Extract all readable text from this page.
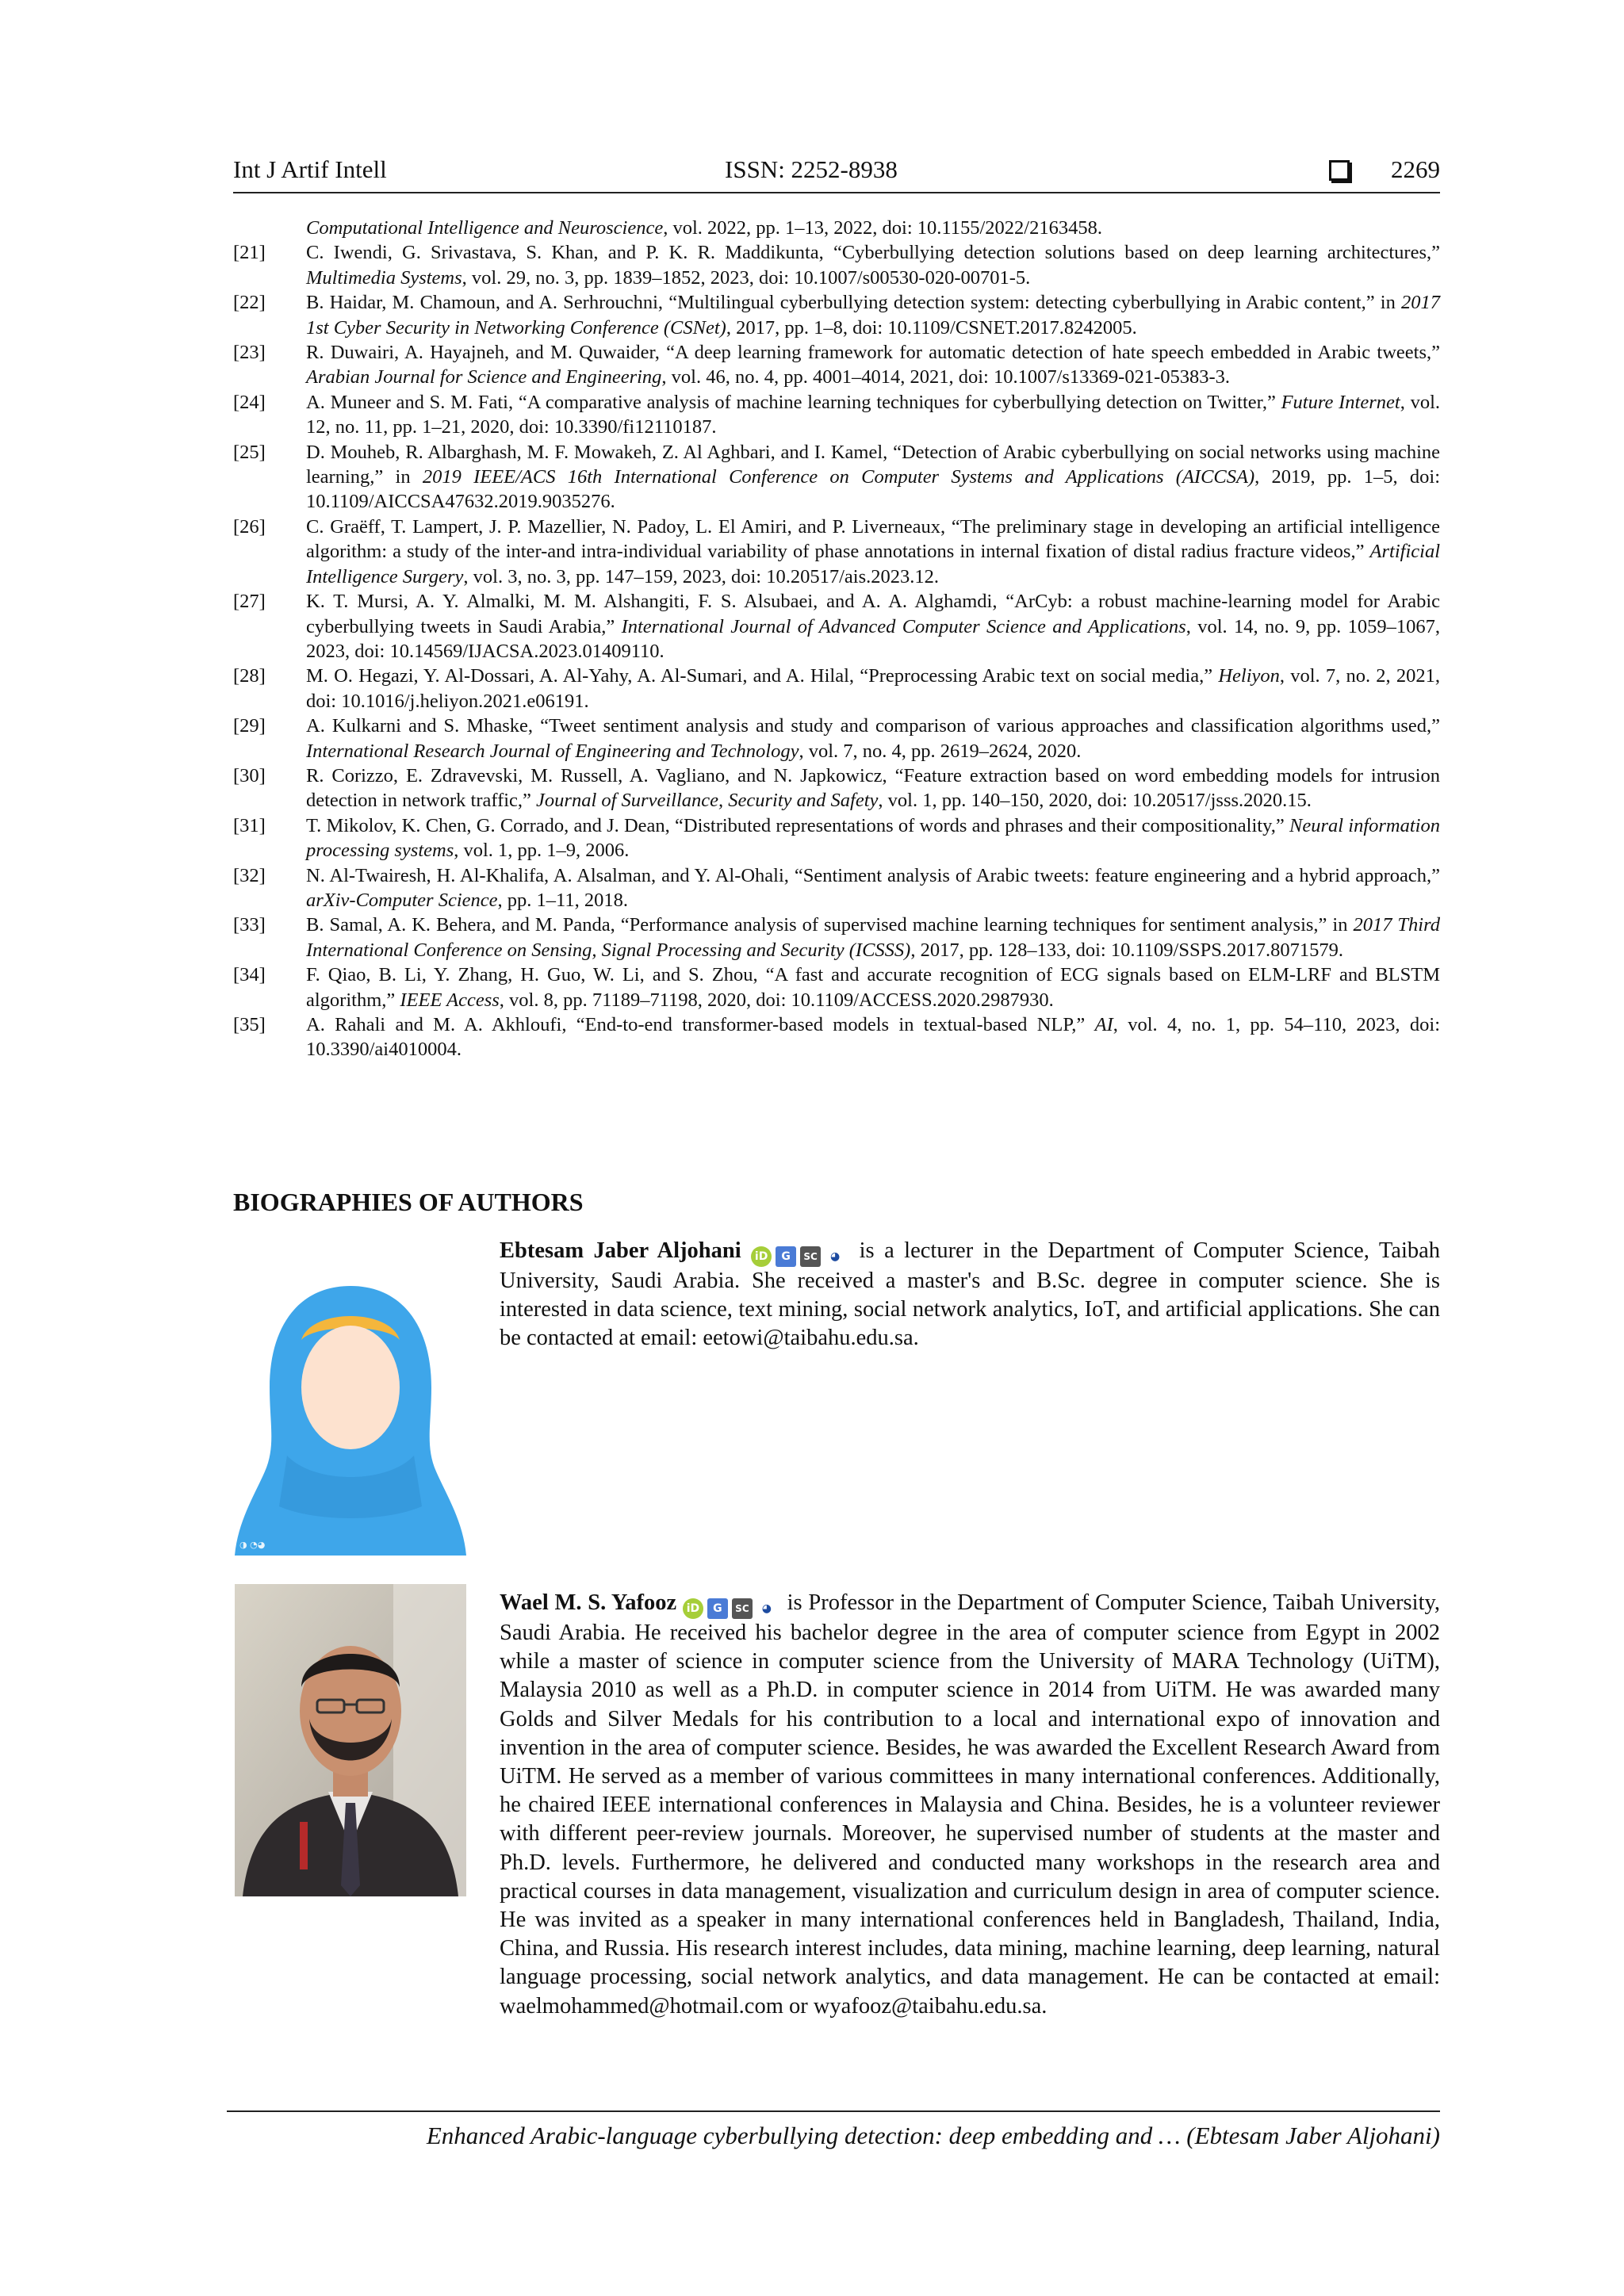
Int J Artif Intell	ISSN: 2252-8938	2269
Computational Intelligence and Neuroscience, vol. 2022, pp. 1–13, 2022, doi: 10.1155/2022/2163458.
[21] C. Iwendi, G. Srivastava, S. Khan, and P. K. R. Maddikunta, “Cyberbullying detection solutions based on deep learning architectures,” Multimedia Systems, vol. 29, no. 3, pp. 1839–1852, 2023, doi: 10.1007/s00530-020-00701-5.
[22] B. Haidar, M. Chamoun, and A. Serhrouchni, “Multilingual cyberbullying detection system: detecting cyberbullying in Arabic content,” in 2017 1st Cyber Security in Networking Conference (CSNet), 2017, pp. 1–8, doi: 10.1109/CSNET.2017.8242005.
[23] R. Duwairi, A. Hayajneh, and M. Quwaider, “A deep learning framework for automatic detection of hate speech embedded in Arabic tweets,” Arabian Journal for Science and Engineering, vol. 46, no. 4, pp. 4001–4014, 2021, doi: 10.1007/s13369-021-05383-3.
[24] A. Muneer and S. M. Fati, “A comparative analysis of machine learning techniques for cyberbullying detection on Twitter,” Future Internet, vol. 12, no. 11, pp. 1–21, 2020, doi: 10.3390/fi12110187.
[25] D. Mouheb, R. Albarghash, M. F. Mowakeh, Z. Al Aghbari, and I. Kamel, “Detection of Arabic cyberbullying on social networks using machine learning,” in 2019 IEEE/ACS 16th International Conference on Computer Systems and Applications (AICCSA), 2019, pp. 1–5, doi: 10.1109/AICCSA47632.2019.9035276.
[26] C. Graëff, T. Lampert, J. P. Mazellier, N. Padoy, L. El Amiri, and P. Liverneaux, “The preliminary stage in developing an artificial intelligence algorithm: a study of the inter-and intra-individual variability of phase annotations in internal fixation of distal radius fracture videos,” Artificial Intelligence Surgery, vol. 3, no. 3, pp. 147–159, 2023, doi: 10.20517/ais.2023.12.
[27] K. T. Mursi, A. Y. Almalki, M. M. Alshangiti, F. S. Alsubaei, and A. A. Alghamdi, “ArCyb: a robust machine-learning model for Arabic cyberbullying tweets in Saudi Arabia,” International Journal of Advanced Computer Science and Applications, vol. 14, no. 9, pp. 1059–1067, 2023, doi: 10.14569/IJACSA.2023.01409110.
[28] M. O. Hegazi, Y. Al-Dossari, A. Al-Yahy, A. Al-Sumari, and A. Hilal, “Preprocessing Arabic text on social media,” Heliyon, vol. 7, no. 2, 2021, doi: 10.1016/j.heliyon.2021.e06191.
[29] A. Kulkarni and S. Mhaske, “Tweet sentiment analysis and study and comparison of various approaches and classification algorithms used,” International Research Journal of Engineering and Technology, vol. 7, no. 4, pp. 2619–2624, 2020.
[30] R. Corizzo, E. Zdravevski, M. Russell, A. Vagliano, and N. Japkowicz, “Feature extraction based on word embedding models for intrusion detection in network traffic,” Journal of Surveillance, Security and Safety, vol. 1, pp. 140–150, 2020, doi: 10.20517/jsss.2020.15.
[31] T. Mikolov, K. Chen, G. Corrado, and J. Dean, “Distributed representations of words and phrases and their compositionality,” Neural information processing systems, vol. 1, pp. 1–9, 2006.
[32] N. Al-Twairesh, H. Al-Khalifa, A. Alsalman, and Y. Al-Ohali, “Sentiment analysis of Arabic tweets: feature engineering and a hybrid approach,” arXiv-Computer Science, pp. 1–11, 2018.
[33] B. Samal, A. K. Behera, and M. Panda, “Performance analysis of supervised machine learning techniques for sentiment analysis,” in 2017 Third International Conference on Sensing, Signal Processing and Security (ICSSS), 2017, pp. 128–133, doi: 10.1109/SSPS.2017.8071579.
[34] F. Qiao, B. Li, Y. Zhang, H. Guo, W. Li, and S. Zhou, “A fast and accurate recognition of ECG signals based on ELM-LRF and BLSTM algorithm,” IEEE Access, vol. 8, pp. 71189–71198, 2020, doi: 10.1109/ACCESS.2020.2987930.
[35] A. Rahali and M. A. Akhloufi, “End-to-end transformer-based models in textual-based NLP,” AI, vol. 4, no. 1, pp. 54–110, 2023, doi: 10.3390/ai4010004.
BIOGRAPHIES OF AUTHORS
◑ ◔◕
Ebtesam Jaber Aljohani iD G SC ◕ is a lecturer in the Department of Computer Science, Taibah University, Saudi Arabia. She received a master's and B.Sc. degree in computer science. She is interested in data science, text mining, social network analytics, IoT, and artificial applications. She can be contacted at email: eetowi@taibahu.edu.sa.
Wael M. S. Yafooz iD G SC ◕ is Professor in the Department of Computer Science, Taibah University, Saudi Arabia. He received his bachelor degree in the area of computer science from Egypt in 2002 while a master of science in computer science from the University of MARA Technology (UiTM), Malaysia 2010 as well as a Ph.D. in computer science in 2014 from UiTM. He was awarded many Golds and Silver Medals for his contribution to a local and international expo of innovation and invention in the area of computer science. Besides, he was awarded the Excellent Research Award from UiTM. He served as a member of various committees in many international conferences. Additionally, he chaired IEEE international conferences in Malaysia and China. Besides, he is a volunteer reviewer with different peer-review journals. Moreover, he supervised number of students at the master and Ph.D. levels. Furthermore, he delivered and conducted many workshops in the research area and practical courses in data management, visualization and curriculum design in area of computer science. He was invited as a speaker in many international conferences held in Bangladesh, Thailand, India, China, and Russia. His research interest includes, data mining, machine learning, deep learning, natural language processing, social network analytics, and data management. He can be contacted at email: waelmohammed@hotmail.com or wyafooz@taibahu.edu.sa.
Enhanced Arabic-language cyberbullying detection: deep embedding and … (Ebtesam Jaber Aljohani)
